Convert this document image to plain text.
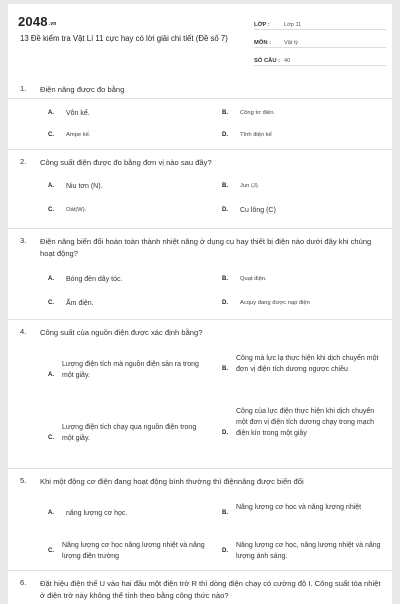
2048.vn
13 Đề kiểm tra Vật Lí 11 cực hay có lời giải chi tiết (Đề số 7)
LỚP :	Lớp 11
MÔN :	Vật lý
SỐ CÂU : 40
1. Điện năng được đo bằng
A. Vôn kế.	B. Công tơ điện.
C. Ampe kế.	D. Tĩnh điện kế
2. Công suất điện được đo bằng đơn vị nào sau đây?
A. Niu tơn (N).	B. Jun (J).
C. Oát(W).	D. Cu lông (C)
3. Điện năng biến đổi hoàn toàn thành nhiệt năng ở dụng cụ hay thiết bị điện nào dưới đây khi chúng hoạt động?
A. Bóng đèn dây tóc.	B. Quạt điện.
C. Ấm điện.	D. Acquy đang được nạp điện
4. Công suất của nguồn điện được xác định bằng?
A.
Lượng điện tích mà nguồn điện sản ra trong một giây.
B.
Công mà lực lạ thực hiện khi dịch chuyển một đơn vị điện tích dương ngược chiều
C.
Lượng điện tích chạy qua nguồn điện trong một giây.
D.
Công của lực điện thực hiện khi dịch chuyển một đơn vị điện tích dương chạy trong mạch điện kín trong một giây
5. Khi một động cơ điện đang hoạt động bình thường thì điệnnăng được biến đổi
A. năng lượng cơ học.	B.
Năng lượng cơ học và năng lượng nhiệt
C.
Năng lượng cơ học năng lượng nhiệt và năng lượng điện trường
D.
Năng lượng cơ học, năng lượng nhiệt và năng lượng ánh sáng.
6. Đặt hiệu điện thế U vào hai đầu một điện trở R thì dòng điện chạy có cường độ I. Công suất tỏa nhiệt ở điện trở này không thể tính theo bằng công thức nào?
